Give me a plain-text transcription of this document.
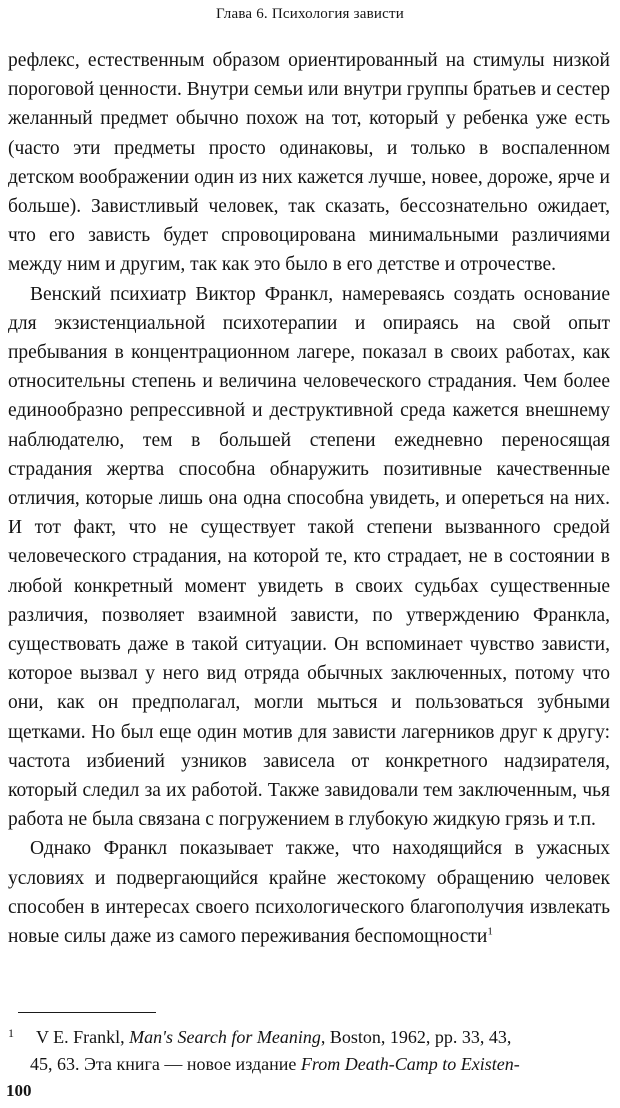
Глава 6. Психология зависти

рефлекс, естественным образом ориентированный на стимулы низкой пороговой ценности. Внутри семьи или внутри группы братьев и сестер желанный предмет обычно похож на тот, который у ребенка уже есть (часто эти предметы просто одинаковы, и только в воспаленном детском воображении один из них кажется лучше, новее, дороже, ярче и больше). Завистливый человек, так сказать, бессознательно ожидает, что его зависть будет спровоцирована минимальными различиями между ним и другим, так как это было в его детстве и отрочестве.

Венский психиатр Виктор Франкл, намереваясь создать основание для экзистенциальной психотерапии и опираясь на свой опыт пребывания в концентрационном лагере, показал в своих работах, как относительны степень и величина человеческого страдания. Чем более единообразно репрессивной и деструктивной среда кажется внешнему наблюдателю, тем в большей степени ежедневно переносящая страдания жертва способна обнаружить позитивные качественные отличия, которые лишь она одна способна увидеть, и опереться на них. И тот факт, что не существует такой степени вызванного средой человеческого страдания, на которой те, кто страдает, не в состоянии в любой конкретный момент увидеть в своих судьбах существенные различия, позволяет взаимной зависти, по утверждению Франкла, существовать даже в такой ситуации. Он вспоминает чувство зависти, которое вызвал у него вид отряда обычных заключенных, потому что они, как он предполагал, могли мыться и пользоваться зубными щетками. Но был еще один мотив для зависти лагерников друг к другу: частота избиений узников зависела от конкретного надзирателя, который следил за их работой. Также завидовали тем заключенным, чья работа не была связана с погружением в глубокую жидкую грязь и т.п.

Однако Франкл показывает также, что находящийся в ужасных условиях и подвергающийся крайне жестокому обращению человек способен в интересах своего психологического благополучия извлекать новые силы даже из самого переживания беспомощности$^1$

1	V E. Frankl, Man's Search for Meaning, Boston, 1962, pp. 33, 43,

45, 63. Эта книга — новое издание From Death-Camp to Existen-

100
